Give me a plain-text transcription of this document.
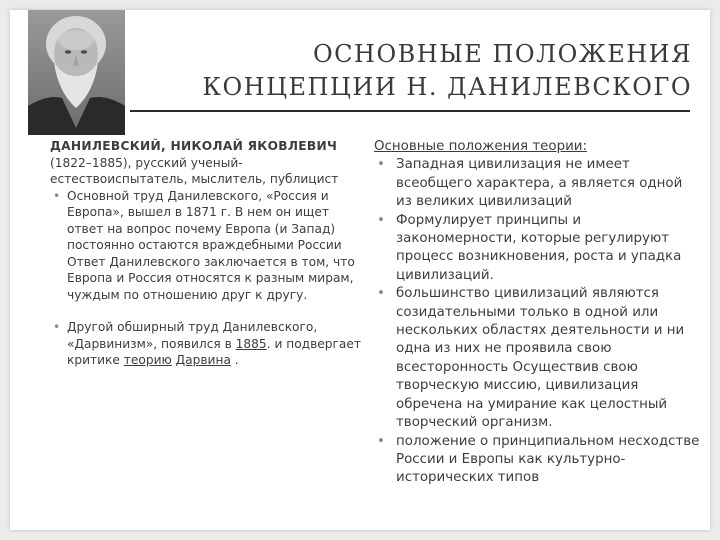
ОСНОВНЫЕ ПОЛОЖЕНИЯ
КОНЦЕПЦИИ Н. ДАНИЛЕВСКОГО
ДАНИЛЕВСКИЙ, НИКОЛАЙ ЯКОВЛЕВИЧ (1822–1885), русский ученый-естествоиспытатель, мыслитель, публицист
• Основной труд Данилевского, «Россия и Европа», вышел в 1871 г. В нем он ищет ответ на вопрос почему Европа (и Запад) постоянно остаются враждебными России Ответ Данилевского заключается в том, что Европа и Россия относятся к разным мирам, чуждым по отношению друг к другу.
• Другой обширный труд Данилевского, «Дарвинизм», появился в 1885. и подвергает критике теорию Дарвина .
Основные положения теории:
• Западная цивилизация не имеет всеобщего характера, а является одной из великих цивилизаций
• Формулирует принципы и закономерности, которые регулируют процесс возникновения, роста и упадка цивилизаций.
• большинство цивилизаций являются созидательными только в одной или нескольких областях деятельности и ни одна из них не проявила свою всесторонность Осуществив свою творческую миссию, цивилизация обречена на умирание как целостный творческий организм.
• положение о принципиальном несходстве России и Европы как культурно-исторических типов
